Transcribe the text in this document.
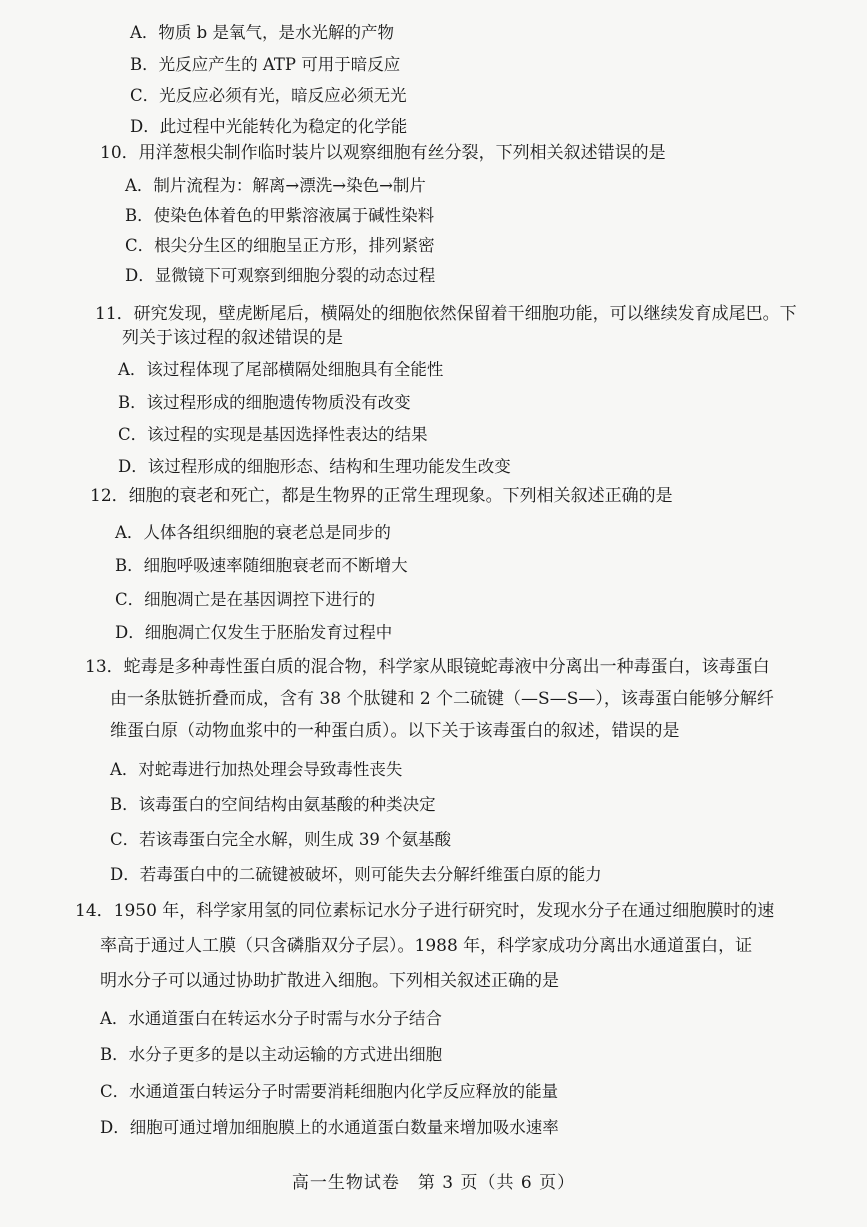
A．物质 b 是氧气，是水光解的产物
B．光反应产生的 ATP 可用于暗反应
C．光反应必须有光，暗反应必须无光
D．此过程中光能转化为稳定的化学能
10．用洋葱根尖制作临时装片以观察细胞有丝分裂，下列相关叙述错误的是
A．制片流程为：解离→漂洗→染色→制片
B．使染色体着色的甲紫溶液属于碱性染料
C．根尖分生区的细胞呈正方形，排列紧密
D．显微镜下可观察到细胞分裂的动态过程
11．研究发现，壁虎断尾后，横隔处的细胞依然保留着干细胞功能，可以继续发育成尾巴。下
列关于该过程的叙述错误的是
A．该过程体现了尾部横隔处细胞具有全能性
B．该过程形成的细胞遗传物质没有改变
C．该过程的实现是基因选择性表达的结果
D．该过程形成的细胞形态、结构和生理功能发生改变
12．细胞的衰老和死亡，都是生物界的正常生理现象。下列相关叙述正确的是
A．人体各组织细胞的衰老总是同步的
B．细胞呼吸速率随细胞衰老而不断增大
C．细胞凋亡是在基因调控下进行的
D．细胞凋亡仅发生于胚胎发育过程中
13．蛇毒是多种毒性蛋白质的混合物，科学家从眼镜蛇毒液中分离出一种毒蛋白，该毒蛋白
由一条肽链折叠而成，含有 38 个肽键和 2 个二硫键（—S—S—），该毒蛋白能够分解纤
维蛋白原（动物血浆中的一种蛋白质）。以下关于该毒蛋白的叙述，错误的是
A．对蛇毒进行加热处理会导致毒性丧失
B．该毒蛋白的空间结构由氨基酸的种类决定
C．若该毒蛋白完全水解，则生成 39 个氨基酸
D．若毒蛋白中的二硫键被破坏，则可能失去分解纤维蛋白原的能力
14．1950 年，科学家用氢的同位素标记水分子进行研究时，发现水分子在通过细胞膜时的速
率高于通过人工膜（只含磷脂双分子层）。1988 年，科学家成功分离出水通道蛋白，证
明水分子可以通过协助扩散进入细胞。下列相关叙述正确的是
A．水通道蛋白在转运水分子时需与水分子结合
B．水分子更多的是以主动运输的方式进出细胞
C．水通道蛋白转运分子时需要消耗细胞内化学反应释放的能量
D．细胞可通过增加细胞膜上的水通道蛋白数量来增加吸水速率
高一生物试卷　第 3 页（共 6 页）
